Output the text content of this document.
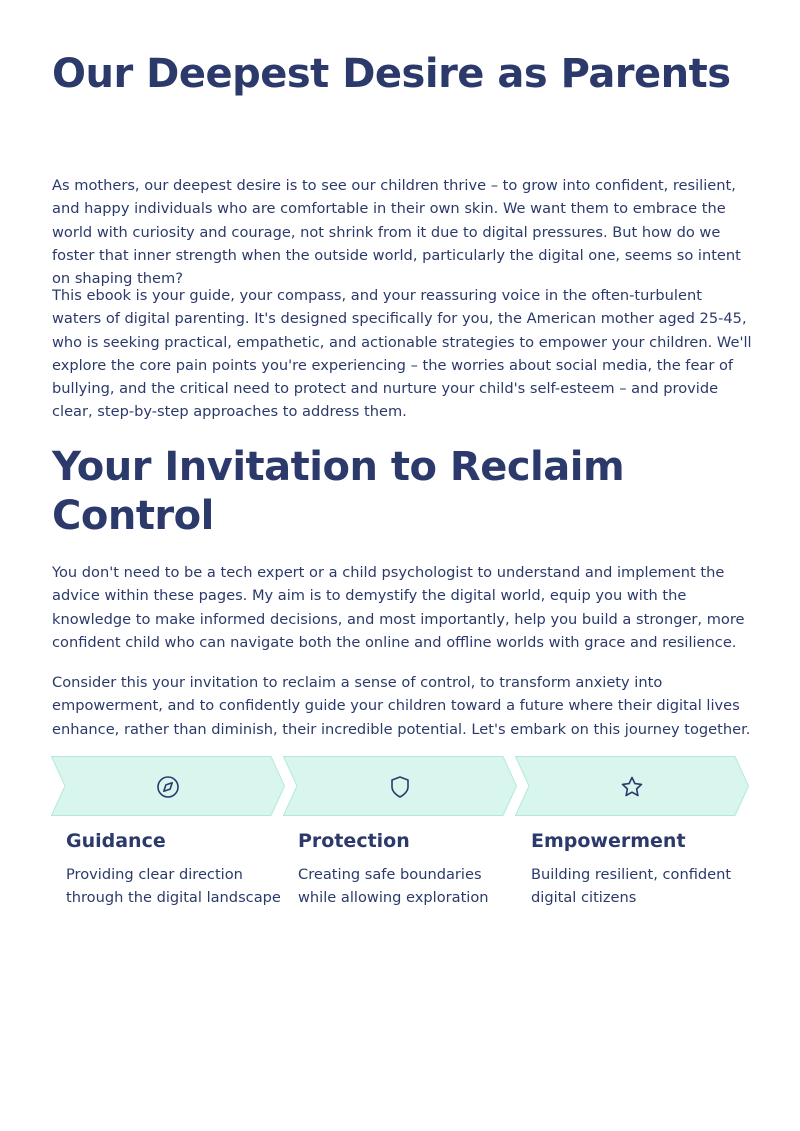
Our Deepest Desire as Parents

As mothers, our deepest desire is to see our children thrive – to grow into confident, resilient, and happy individuals who are comfortable in their own skin. We want them to embrace the world with curiosity and courage, not shrink from it due to digital pressures. But how do we foster that inner strength when the outside world, particularly the digital one, seems so intent on shaping them?

This ebook is your guide, your compass, and your reassuring voice in the often-turbulent waters of digital parenting. It's designed specifically for you, the American mother aged 25-45, who is seeking practical, empathetic, and actionable strategies to empower your children. We'll explore the core pain points you're experiencing – the worries about social media, the fear of bullying, and the critical need to protect and nurture your child's self-esteem – and provide clear, step-by-step approaches to address them.

Your Invitation to Reclaim Control

You don't need to be a tech expert or a child psychologist to understand and implement the advice within these pages. My aim is to demystify the digital world, equip you with the knowledge to make informed decisions, and most importantly, help you build a stronger, more confident child who can navigate both the online and offline worlds with grace and resilience.

Consider this your invitation to reclaim a sense of control, to transform anxiety into empowerment, and to confidently guide your children toward a future where their digital lives enhance, rather than diminish, their incredible potential. Let's embark on this journey together.

Guidance

Providing clear direction through the digital landscape

Protection

Creating safe boundaries while allowing exploration

Empowerment

Building resilient, confident digital citizens
